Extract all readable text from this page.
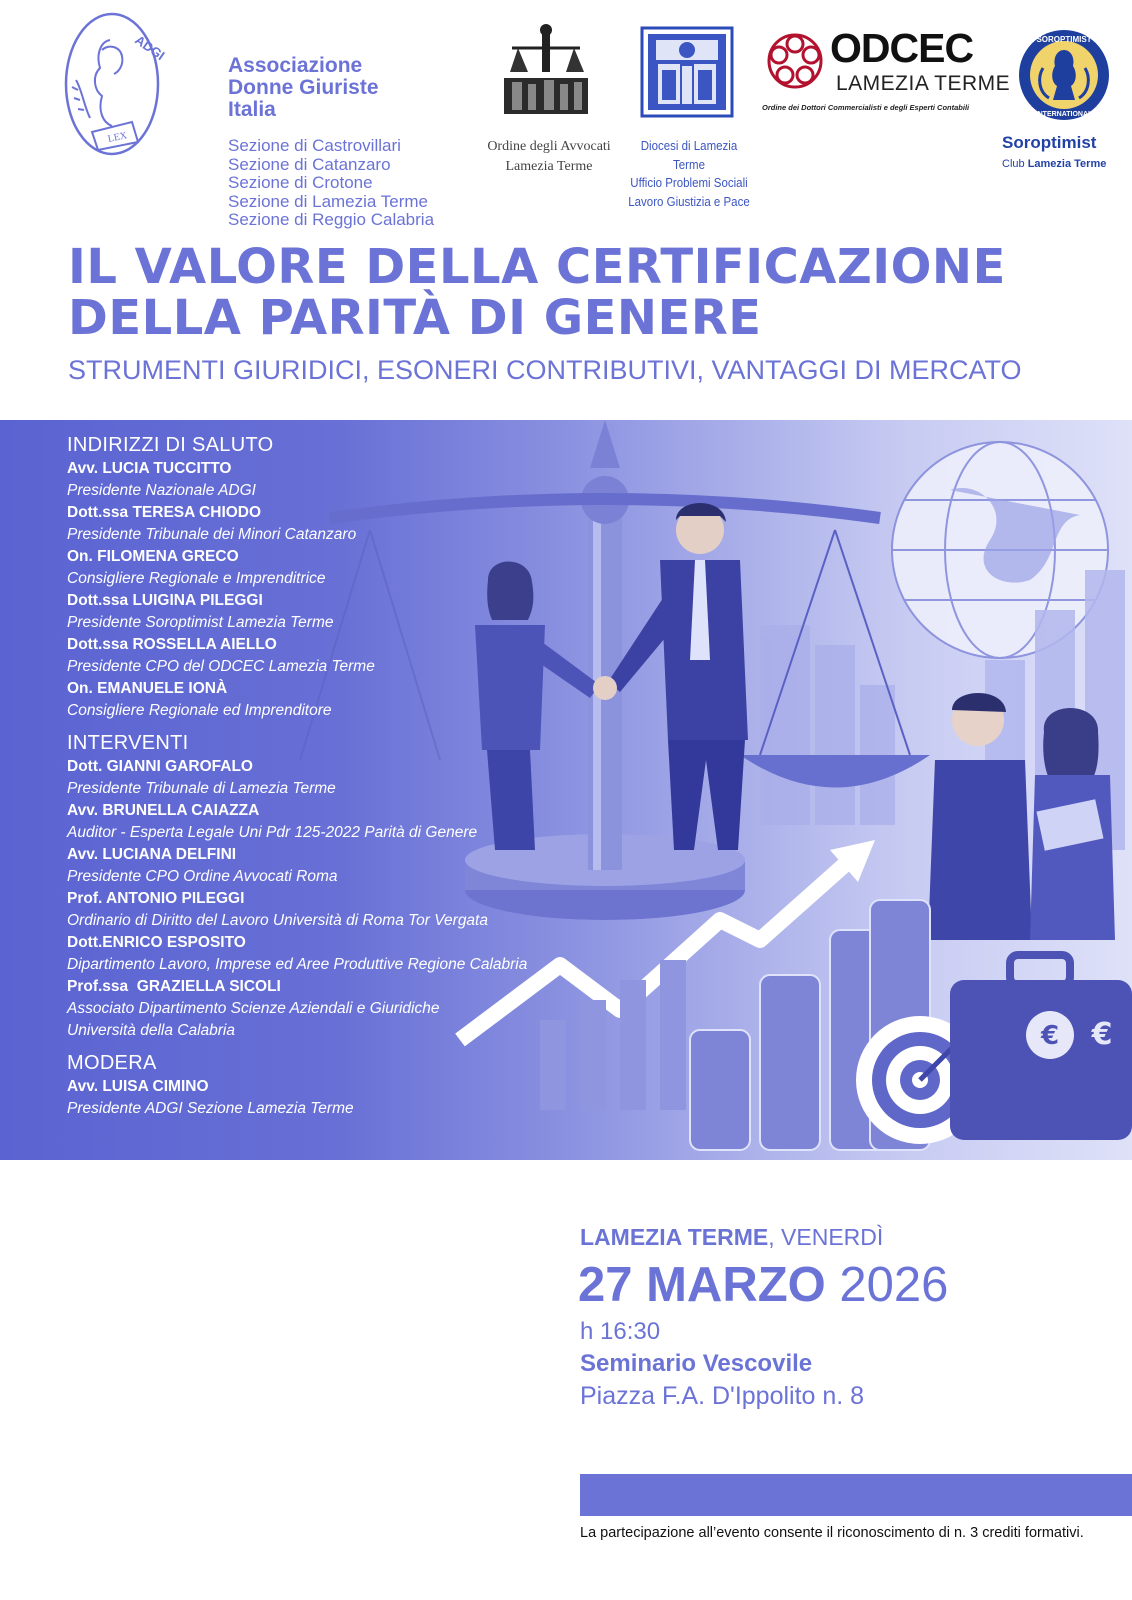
LEX
ADGI
Associazione
Donne Giuriste
Italia
Sezione di Castrovillari
Sezione di Catanzaro
Sezione di Crotone
Sezione di Lamezia Terme
Sezione di Reggio Calabria
Ordine degli Avvocati
Lamezia Terme
Diocesi di Lamezia Terme
Ufficio Problemi Sociali
Lavoro Giustizia e Pace
ODCEC
LAMEZIA TERME
Ordine dei Dottori Commercialisti e degli Esperti Contabili
SOROPTIMIST
INTERNATIONAL
Soroptimist
Club Lamezia Terme
IL VALORE DELLA CERTIFICAZIONE
DELLA PARITÀ DI GENERE
STRUMENTI GIURIDICI, ESONERI CONTRIBUTIVI, VANTAGGI DI MERCATO
€ €
INDIRIZZI DI SALUTO
Avv. LUCIA TUCCITTO
Presidente Nazionale ADGI
Dott.ssa TERESA CHIODO
Presidente Tribunale dei Minori Catanzaro
On. FILOMENA GRECO
Consigliere Regionale e Imprenditrice
Dott.ssa LUIGINA PILEGGI
Presidente Soroptimist Lamezia Terme
Dott.ssa ROSSELLA AIELLO
Presidente CPO del ODCEC Lamezia Terme
On. EMANUELE IONÀ
Consigliere Regionale ed Imprenditore
INTERVENTI
Dott. GIANNI GAROFALO
Presidente Tribunale di Lamezia Terme
Avv. BRUNELLA CAIAZZA
Auditor - Esperta Legale Uni Pdr 125-2022 Parità di Genere
Avv. LUCIANA DELFINI
Presidente CPO Ordine Avvocati Roma
Prof. ANTONIO PILEGGI
Ordinario di Diritto del Lavoro Università di Roma Tor Vergata
Dott.ENRICO ESPOSITO
Dipartimento Lavoro, Imprese ed Aree Produttive Regione Calabria
Prof.ssa  GRAZIELLA SICOLI
Associato Dipartimento Scienze Aziendali e Giuridiche
Università della Calabria
MODERA
Avv. LUISA CIMINO
Presidente ADGI Sezione Lamezia Terme
LAMEZIA TERME, VENERDÌ
27 MARZO 2026
h 16:30
Seminario Vescovile
Piazza F.A. D'Ippolito n. 8
La partecipazione all’evento consente il riconoscimento di n. 3 crediti formativi.
